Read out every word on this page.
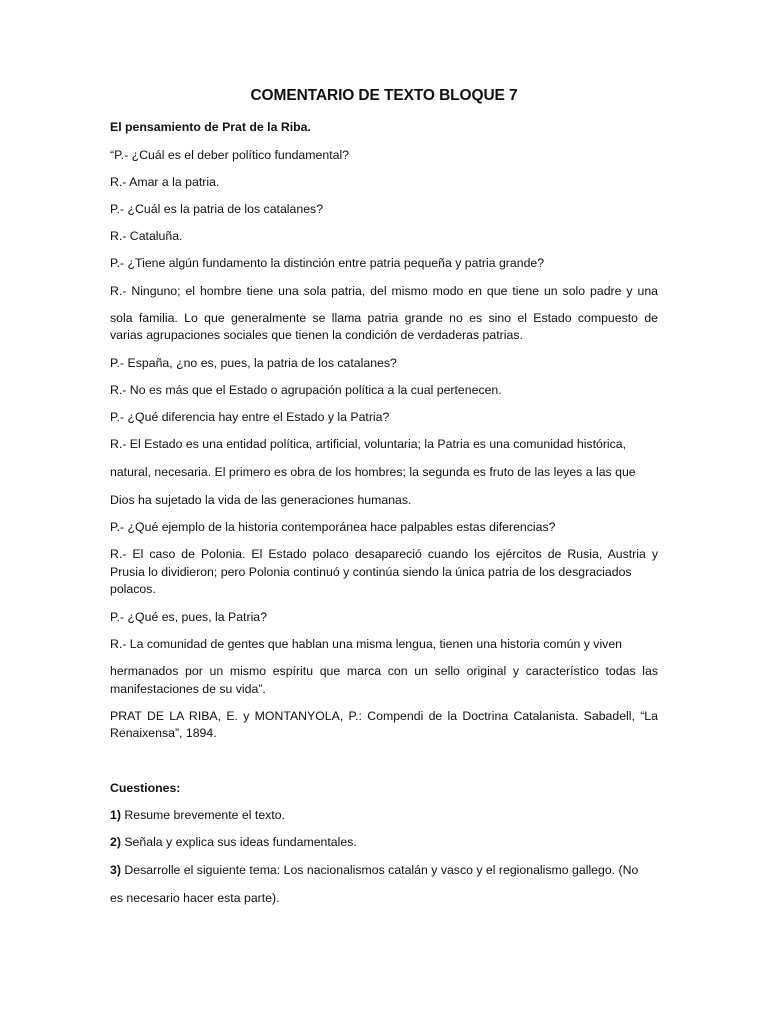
COMENTARIO DE TEXTO BLOQUE 7
El pensamiento de Prat de la Riba.
“P.- ¿Cuál es el deber político fundamental?
R.- Amar a la patria.
P.- ¿Cuál es la patria de los catalanes?
R.- Cataluña.
P.- ¿Tiene algún fundamento la distinción entre patria pequeña y patria grande?
R.- Ninguno; el hombre tiene una sola patria, del mismo modo en que tiene un solo padre y una
sola familia. Lo que generalmente se llama patria grande no es sino el Estado compuesto de
varias agrupaciones sociales que tienen la condición de verdaderas patrias.
P.- España, ¿no es, pues, la patria de los catalanes?
R.- No es más que el Estado o agrupación política a la cual pertenecen.
P.- ¿Qué diferencia hay entre el Estado y la Patria?
R.- El Estado es una entidad política, artificial, voluntaria; la Patria es una comunidad histórica,
natural, necesaria. El primero es obra de los hombres; la segunda es fruto de las leyes a las que
Dios ha sujetado la vida de las generaciones humanas.
P.- ¿Qué ejemplo de la historia contemporánea hace palpables estas diferencias?
R.- El caso de Polonia. El Estado polaco desapareció cuando los ejércitos de Rusia, Austria y
Prusia lo dividieron; pero Polonia continuó y continúa siendo la única patria de los desgraciados
polacos.
P.- ¿Qué es, pues, la Patria?
R.- La comunidad de gentes que hablan una misma lengua, tienen una historia común y viven
hermanados por un mismo espíritu que marca con un sello original y característico todas las
manifestaciones de su vida”.
PRAT DE LA RIBA, E. y MONTANYOLA, P.: Compendi de la Doctrina Catalanista. Sabadell, “La
Renaixensa”, 1894.
Cuestiones:
1) Resume brevemente el texto.
2) Señala y explica sus ideas fundamentales.
3) Desarrolle el siguiente tema: Los nacionalismos catalán y vasco y el regionalismo gallego. (No
es necesario hacer esta parte).
